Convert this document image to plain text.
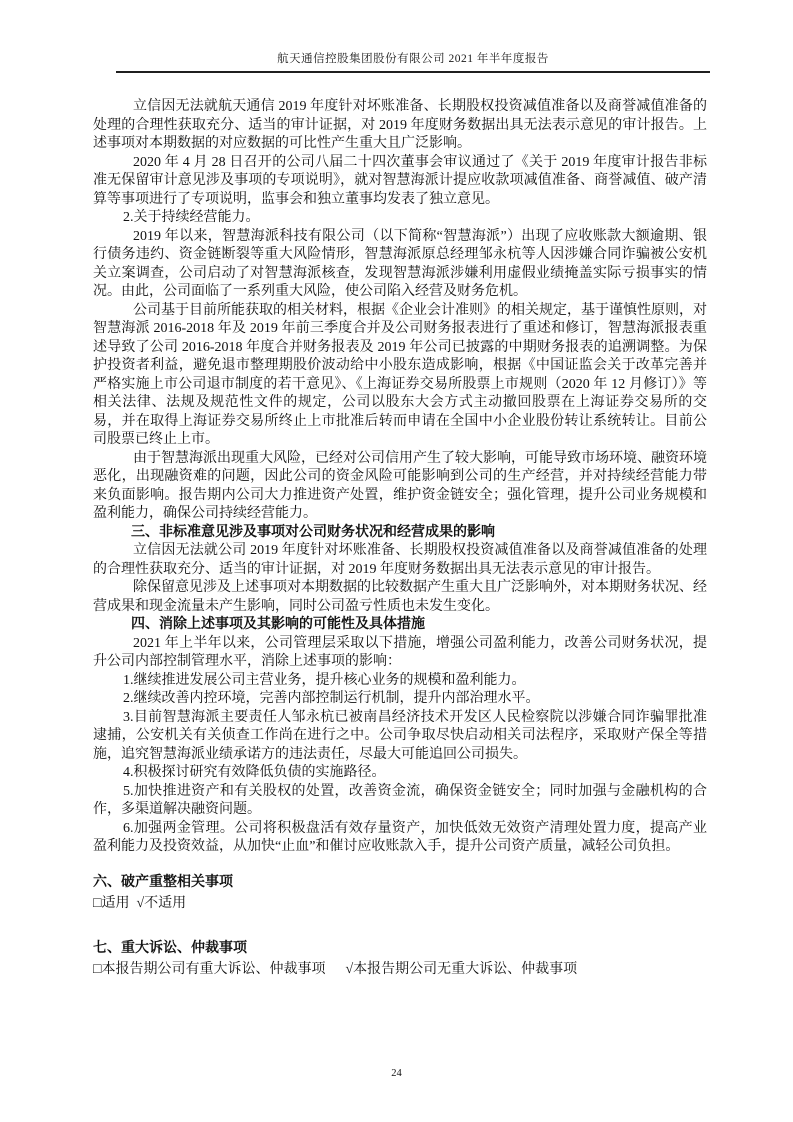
航天通信控股集团股份有限公司 2021 年半年度报告

立信因无法就航天通信 2019 年度针对坏账准备、长期股权投资减值准备以及商誉减值准备的处理的合理性获取充分、适当的审计证据，对 2019 年度财务数据出具无法表示意见的审计报告。上述事项对本期数据的对应数据的可比性产生重大且广泛影响。

2020 年 4 月 28 日召开的公司八届二十四次董事会审议通过了《关于 2019 年度审计报告非标准无保留审计意见涉及事项的专项说明》，就对智慧海派计提应收款项减值准备、商誉减值、破产清算等事项进行了专项说明，监事会和独立董事均发表了独立意见。

2.关于持续经营能力。

2019 年以来，智慧海派科技有限公司（以下简称“智慧海派”）出现了应收账款大额逾期、银行债务违约、资金链断裂等重大风险情形，智慧海派原总经理邹永杭等人因涉嫌合同诈骗被公安机关立案调查，公司启动了对智慧海派核查，发现智慧海派涉嫌利用虚假业绩掩盖实际亏损事实的情况。由此，公司面临了一系列重大风险，使公司陷入经营及财务危机。

公司基于目前所能获取的相关材料，根据《企业会计准则》的相关规定，基于谨慎性原则，对智慧海派 2016-2018 年及 2019 年前三季度合并及公司财务报表进行了重述和修订，智慧海派报表重述导致了公司 2016-2018 年度合并财务报表及 2019 年公司已披露的中期财务报表的追溯调整。为保护投资者利益，避免退市整理期股价波动给中小股东造成影响，根据《中国证监会关于改革完善并严格实施上市公司退市制度的若干意见》、《上海证券交易所股票上市规则（2020 年 12 月修订）》等相关法律、法规及规范性文件的规定，公司以股东大会方式主动撤回股票在上海证券交易所的交易，并在取得上海证券交易所终止上市批准后转而申请在全国中小企业股份转让系统转让。目前公司股票已终止上市。

由于智慧海派出现重大风险，已经对公司信用产生了较大影响，可能导致市场环境、融资环境恶化，出现融资难的问题，因此公司的资金风险可能影响到公司的生产经营，并对持续经营能力带来负面影响。报告期内公司大力推进资产处置，维护资金链安全；强化管理，提升公司业务规模和盈利能力，确保公司持续经营能力。

三、非标准意见涉及事项对公司财务状况和经营成果的影响

立信因无法就公司 2019 年度针对坏账准备、长期股权投资减值准备以及商誉减值准备的处理的合理性获取充分、适当的审计证据，对 2019 年度财务数据出具无法表示意见的审计报告。

除保留意见涉及上述事项对本期数据的比较数据产生重大且广泛影响外，对本期财务状况、经营成果和现金流量未产生影响，同时公司盈亏性质也未发生变化。

四、消除上述事项及其影响的可能性及具体措施

2021 年上半年以来，公司管理层采取以下措施，增强公司盈利能力，改善公司财务状况，提升公司内部控制管理水平，消除上述事项的影响：

1.继续推进发展公司主营业务，提升核心业务的规模和盈利能力。

2.继续改善内控环境，完善内部控制运行机制，提升内部治理水平。

3.目前智慧海派主要责任人邹永杭已被南昌经济技术开发区人民检察院以涉嫌合同诈骗罪批准逮捕，公安机关有关侦查工作尚在进行之中。公司争取尽快启动相关司法程序，采取财产保全等措施，追究智慧海派业绩承诺方的违法责任，尽最大可能追回公司损失。

4.积极探讨研究有效降低负债的实施路径。

5.加快推进资产和有关股权的处置，改善资金流，确保资金链安全；同时加强与金融机构的合作，多渠道解决融资问题。

6.加强两金管理。公司将积极盘活有效存量资产，加快低效无效资产清理处置力度，提高产业盈利能力及投资效益，从加快“止血”和催讨应收账款入手，提升公司资产质量，减轻公司负担。

六、破产重整相关事项

□适用 √不适用

七、重大诉讼、仲裁事项

□本报告期公司有重大诉讼、仲裁事项 √本报告期公司无重大诉讼、仲裁事项

24
